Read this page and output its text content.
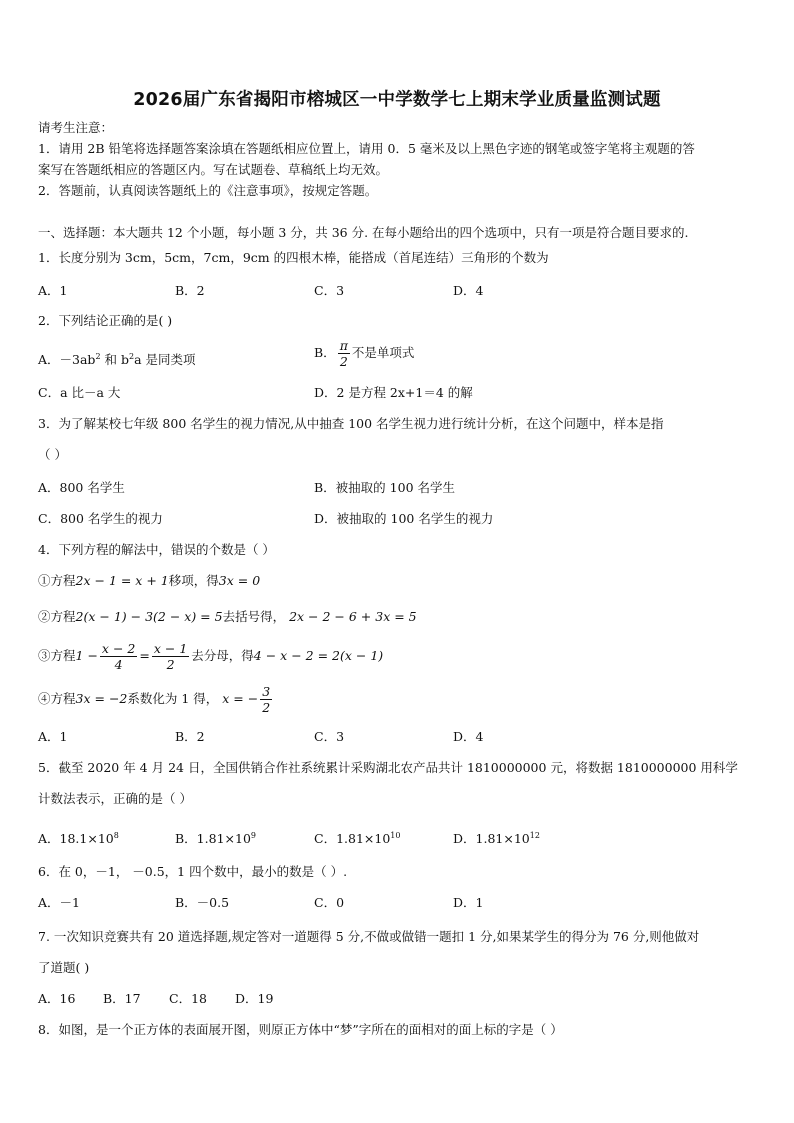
2026届广东省揭阳市榕城区一中学数学七上期末学业质量监测试题
请考生注意：
1．请用 2B 铅笔将选择题答案涂填在答题纸相应位置上，请用 0．5 毫米及以上黑色字迹的钢笔或签字笔将主观题的答
案写在答题纸相应的答题区内。写在试题卷、草稿纸上均无效。
2．答题前，认真阅读答题纸上的《注意事项》，按规定答题。
一、选择题：本大题共 12 个小题，每小题 3 分，共 36 分. 在每小题给出的四个选项中，只有一项是符合题目要求的.
1．长度分别为 3cm，5cm，7cm，9cm 的四根木棒，能搭成（首尾连结）三角形的个数为
A．1	B．2	C．3	D．4
2．下列结论正确的是( )
A．$-3ab^2$ 和 $b^2a$ 是同类项	B． $\frac{\pi}{2}$ 不是单项式
C．a 比－a 大	D．2 是方程 2x+1＝4 的解
3．为了解某校七年级 800 名学生的视力情况,从中抽查 100 名学生视力进行统计分析，在这个问题中，样本是指
（ ）
A．800 名学生	B．被抽取的 100 名学生
C．800 名学生的视力	D．被抽取的 100 名学生的视力
4．下列方程的解法中，错误的个数是（ ）
①方程2x − 1 = x + 1移项，得3x = 0
②方程2(x − 1) − 3(2 − x) = 5去括号得， 2x − 2 − 6 + 3x = 5
③方程$1 - \frac{x - 2}{4} = \frac{x - 1}{2}$ 去分母，得4 − x − 2 = 2(x − 1)
④方程3x = −2系数化为 1 得， x = − $\frac{3}{2}$
A．1	B．2	C．3	D．4
5．截至 2020 年 4 月 24 日，全国供销合作社系统累计采购湖北农产品共计 1810000000 元，将数据 1810000000 用科学
计数法表示，正确的是（ ）
A．$18.1\times 10^8$	B．$1.81\times 10^9$	C．$1.81\times 10^{10}$	D．$1.81\times 10^{12}$
6．在 0，－1， －0.5，1 四个数中，最小的数是（ ）.
A．－1	B．－0.5	C．0	D．1
7. 一次知识竞赛共有 20 道选择题,规定答对一道题得 5 分,不做或做错一题扣 1 分,如果某学生的得分为 76 分,则他做对
了道题( )
A．16 B．17 C．18 D．19
8．如图，是一个正方体的表面展开图，则原正方体中“梦”字所在的面相对的面上标的字是（ ）
